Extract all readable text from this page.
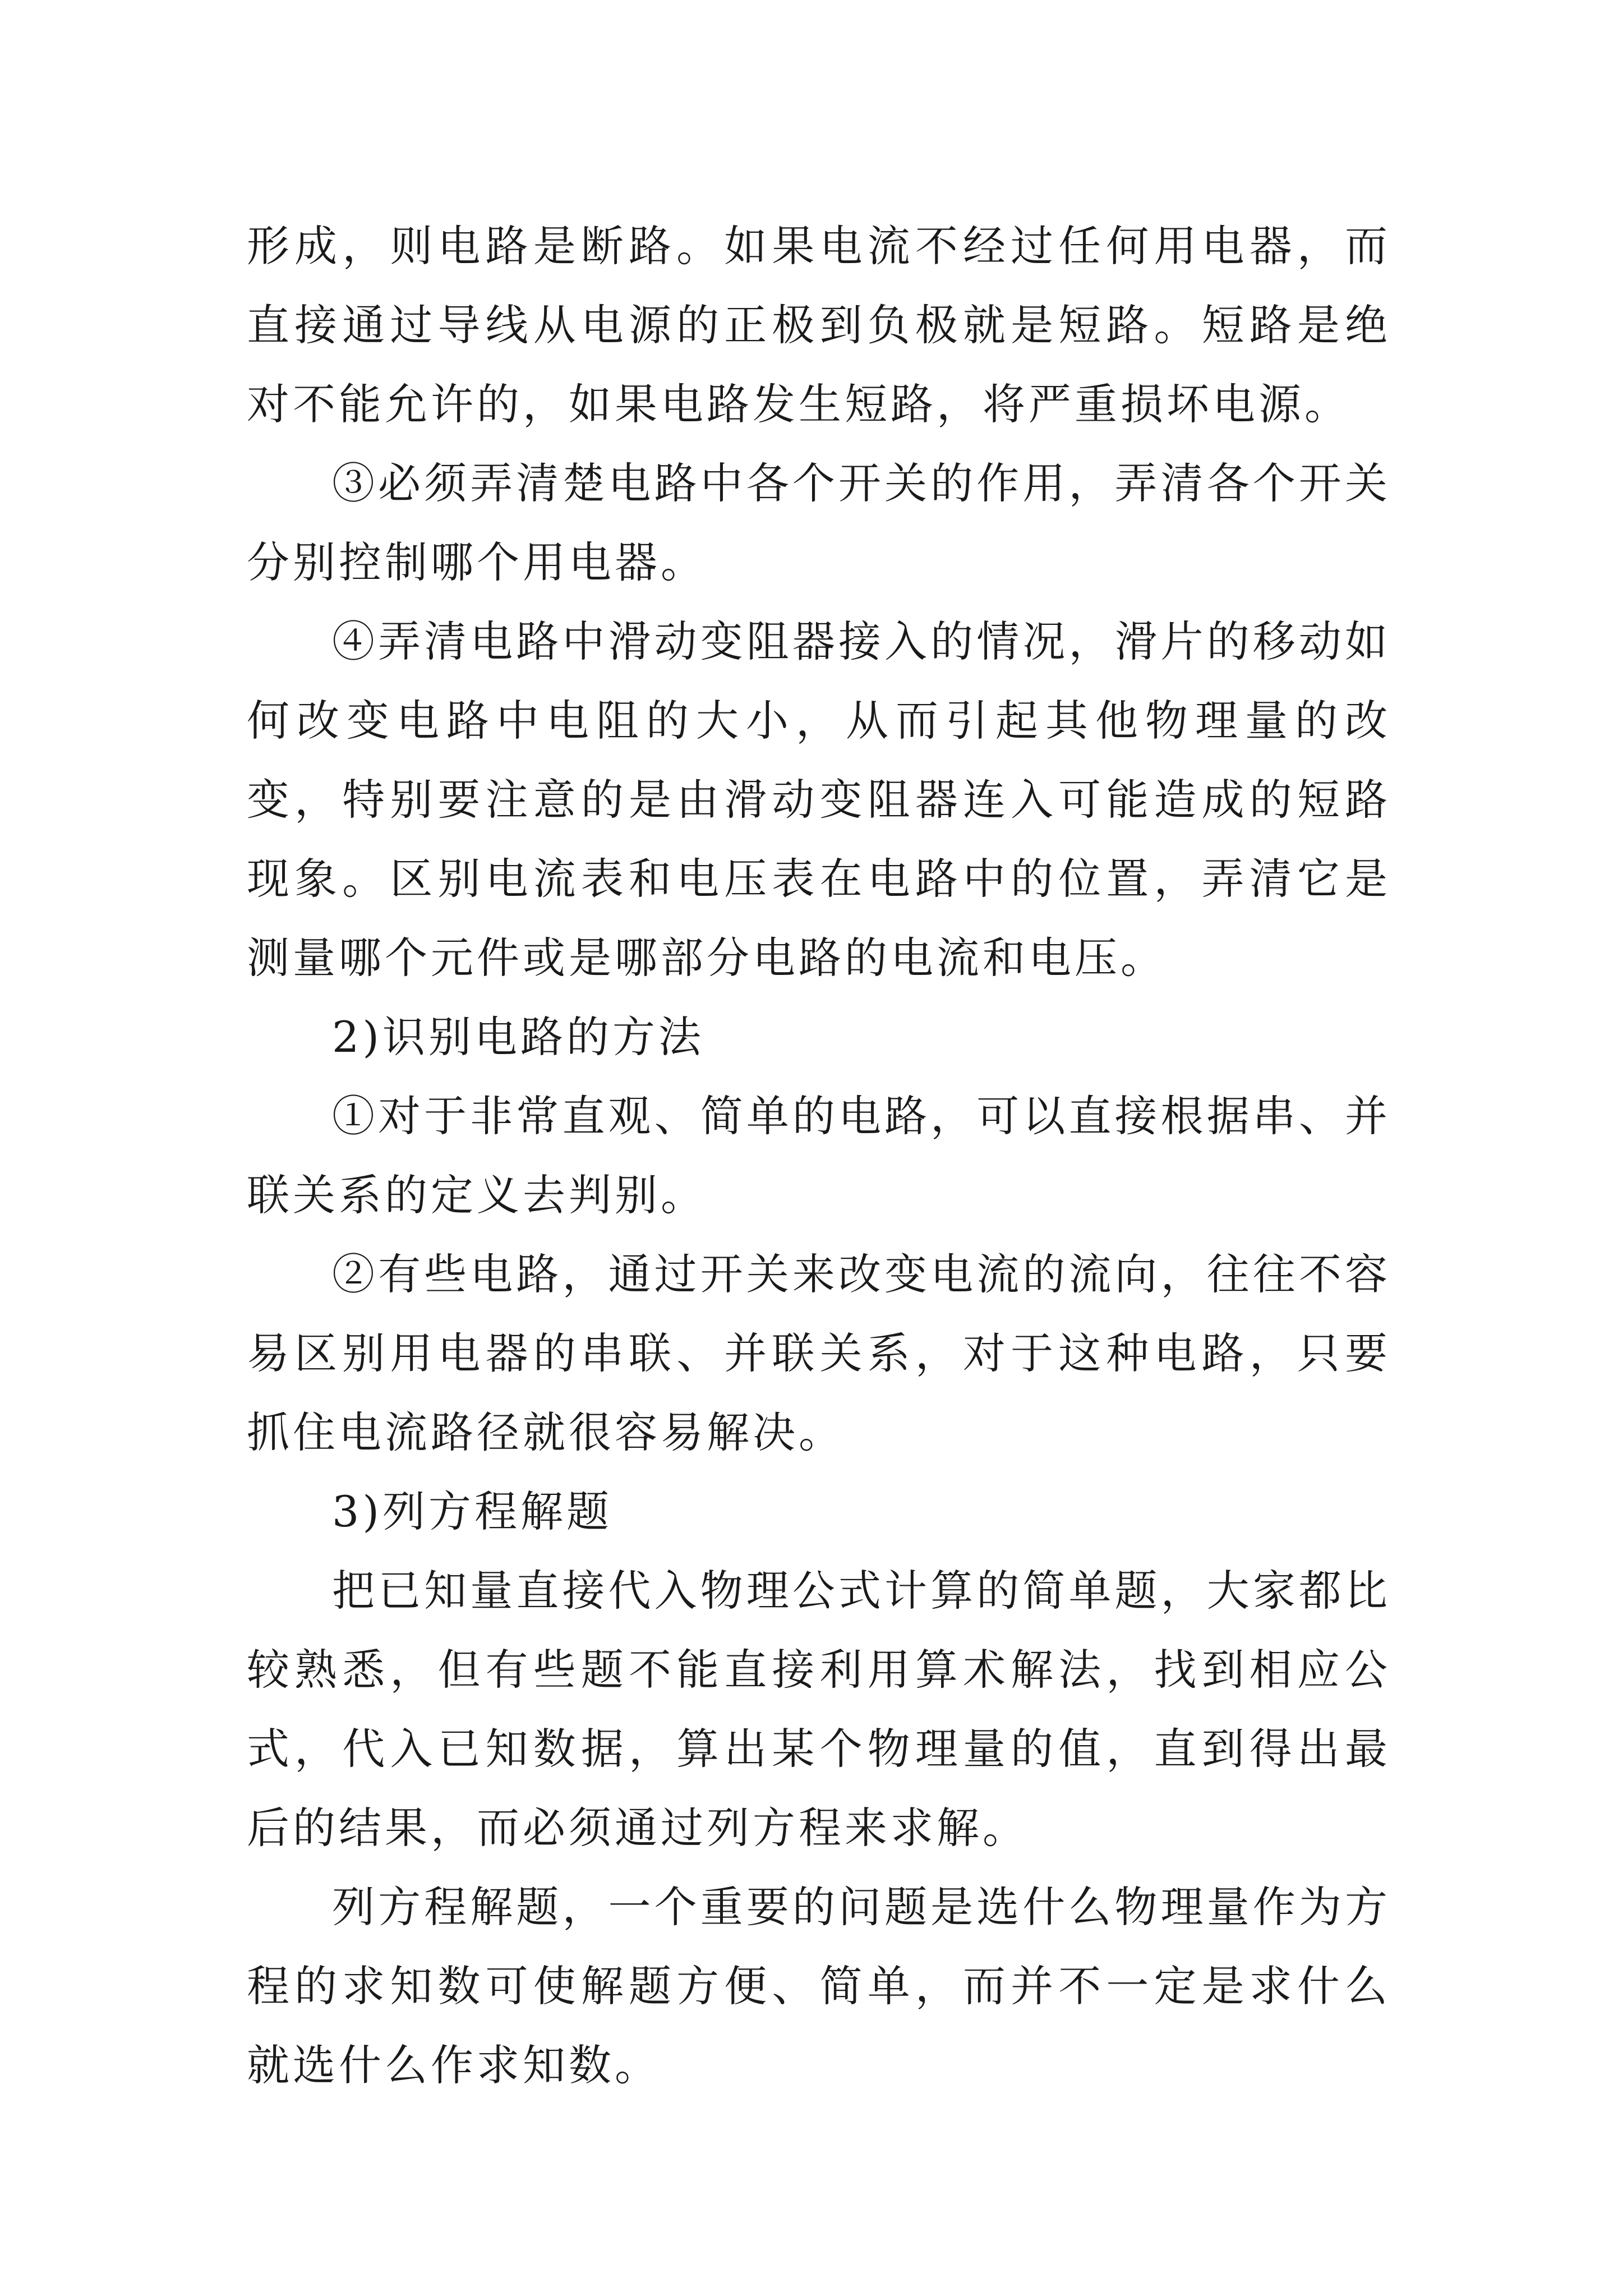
形成，则电路是断路。如果电流不经过任何用电器，而直接通过导线从电源的正极到负极就是短路。短路是绝对不能允许的，如果电路发生短路，将严重损坏电源。

③必须弄清楚电路中各个开关的作用，弄清各个开关分别控制哪个用电器。

④弄清电路中滑动变阻器接入的情况，滑片的移动如何改变电路中电阻的大小，从而引起其他物理量的改变，特别要注意的是由滑动变阻器连入可能造成的短路现象。区别电流表和电压表在电路中的位置，弄清它是测量哪个元件或是哪部分电路的电流和电压。

2)识别电路的方法

①对于非常直观、简单的电路，可以直接根据串、并联关系的定义去判别。

②有些电路，通过开关来改变电流的流向，往往不容易区别用电器的串联、并联关系，对于这种电路，只要抓住电流路径就很容易解决。

3)列方程解题

把已知量直接代入物理公式计算的简单题，大家都比较熟悉，但有些题不能直接利用算术解法，找到相应公式，代入已知数据，算出某个物理量的值，直到得出最后的结果，而必须通过列方程来求解。

列方程解题，一个重要的问题是选什么物理量作为方程的求知数可使解题方便、简单，而并不一定是求什么就选什么作求知数。
